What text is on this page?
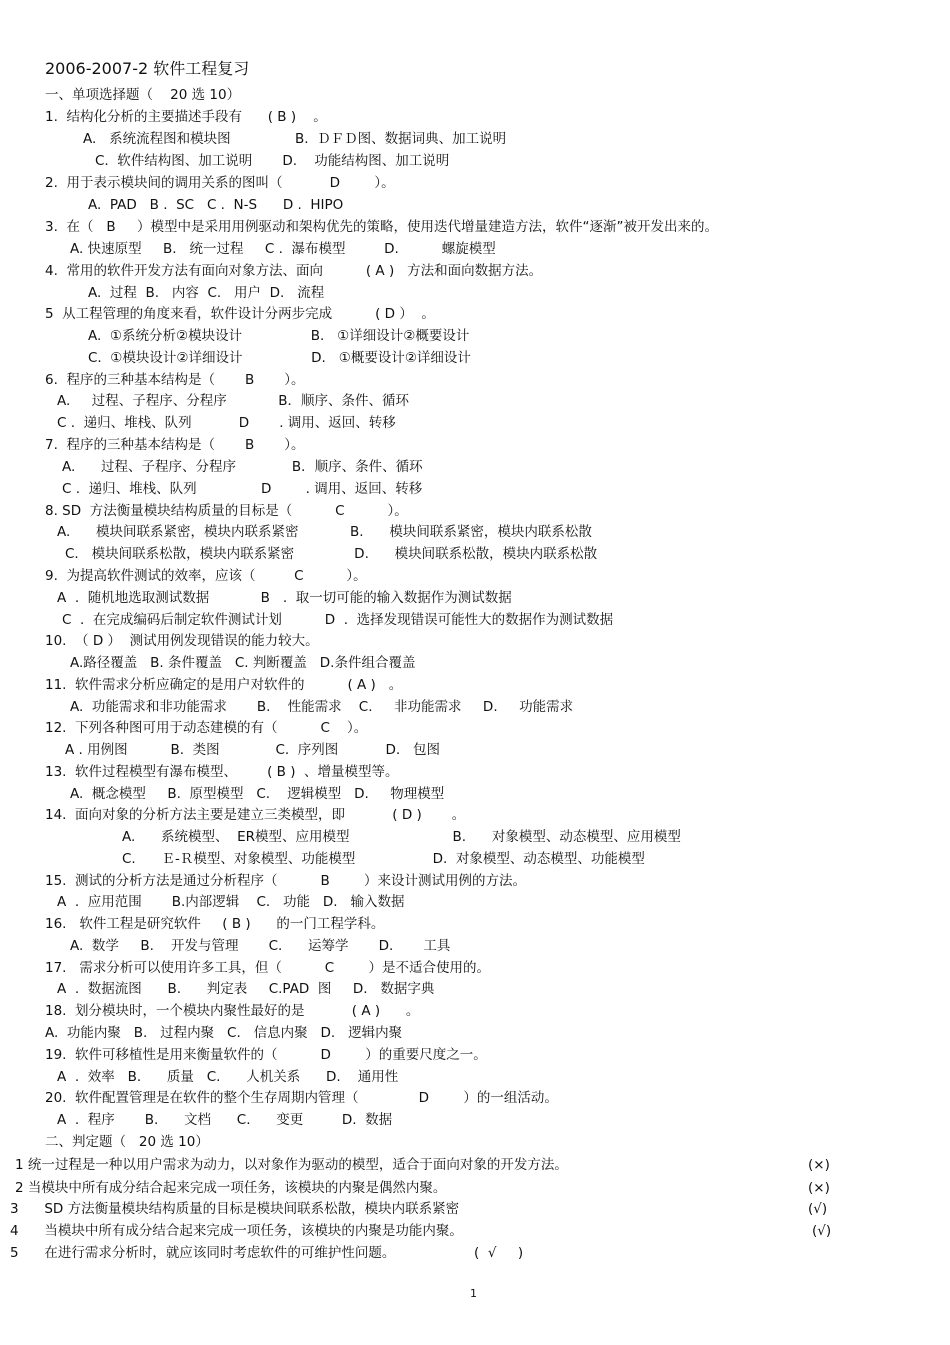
2006-2007-2 软件工程复习
一、单项选择题（    20 选 10）
1.  结构化分析的主要描述手段有      ( B )    。
A.   系统流程图和模块图               B.  ＤＦＤ图、数据词典、加工说明
C.  软件结构图、加工说明       D.    功能结构图、加工说明
2.  用于表示模块间的调用关系的图叫（           D        ）。
A.  PAD   B .  SC   C .  N-S      D .  HIPO
3.  在（   B     ）模型中是采用用例驱动和架构优先的策略，使用迭代增量建造方法，软件“逐渐”被开发出来的。
A. 快速原型     B.   统一过程     C .  瀑布模型         D.          螺旋模型
4.  常用的软件开发方法有面向对象方法、面向          ( A )   方法和面向数据方法。
A.  过程  B.   内容  C.   用户  D.   流程
5  从工程管理的角度来看，软件设计分两步完成          ( D ）  。
A.  ①系统分析②模块设计                B.   ①详细设计②概要设计
C.  ①模块设计②详细设计                D.   ①概要设计②详细设计
6.  程序的三种基本结构是（       B       ）。
A.     过程、子程序、分程序            B．顺序、条件、循环
C .  递归、堆栈、队列           D       . 调用、返回、转移
7.  程序的三种基本结构是（       B       ）。
A.      过程、子程序、分程序             B．顺序、条件、循环
C .  递归、堆栈、队列               D        . 调用、返回、转移
8. SD  方法衡量模块结构质量的目标是（          C          ）。
A.      模块间联系紧密，模块内联系紧密            B.      模块间联系紧密，模块内联系松散
C.   模块间联系松散，模块内联系紧密              D.      模块间联系松散，模块内联系松散
9.  为提高软件测试的效率，应该（         C          ）。
A  .  随机地选取测试数据            B   .  取一切可能的输入数据作为测试数据
C  .  在完成编码后制定软件测试计划          D  .  选择发现错误可能性大的数据作为测试数据
10.  （ D ）  测试用例发现错误的能力较大。
A.路径覆盖   B. 条件覆盖   C. 判断覆盖   D.条件组合覆盖
11.  软件需求分析应确定的是用户对软件的          ( A )   。
A.  功能需求和非功能需求       B.    性能需求    C.     非功能需求     D.     功能需求
12.  下列各种图可用于动态建模的有（          C    ）。
A . 用例图          B.  类图             C.  序列图           D.   包图
13.  软件过程模型有瀑布模型、       ( B )  、增量模型等。
A.  概念模型     B.  原型模型   C.    逻辑模型   D.     物理模型
14.  面向对象的分析方法主要是建立三类模型，即           ( D )       。
A.      系统模型、  ER模型、应用模型                        B.      对象模型、动态模型、应用模型
C.      Ｅ-Ｒ模型、对象模型、功能模型                  D.  对象模型、动态模型、功能模型
15.  测试的分析方法是通过分析程序（          B        ）来设计测试用例的方法。
A  .  应用范围       B.内部逻辑    C.   功能   D.   输入数据
16.   软件工程是研究软件     ( B )      的一门工程学科。
A.  数学     B.    开发与管理       C.      运筹学       D.       工具
17.   需求分析可以使用许多工具，但（          C        ）是不适合使用的。
A  .  数据流图      B.      判定表     C.PAD  图     D.   数据字典
18.  划分模块时，一个模块内聚性最好的是           ( A )      。
A.  功能内聚   B.   过程内聚   C.   信息内聚   D.   逻辑内聚
19.  软件可移植性是用来衡量软件的（          D        ）的重要尺度之一。
A  .  效率   B.      质量   C.      人机关系      D.    通用性
20.  软件配置管理是在软件的整个生存周期内管理（              D        ）的一组活动。
A  .  程序       B.      文档      C.      变更         D.  数据
二、判定题（   20 选 10）
1 统一过程是一种以用户需求为动力，以对象作为驱动的模型，适合于面向对象的开发方法。	(×)
2 当模块中所有成分结合起来完成一项任务，该模块的内聚是偶然内聚。	(×)
3      SD 方法衡量模块结构质量的目标是模块间联系松散，模块内联系紧密	(√)
4      当模块中所有成分结合起来完成一项任务，该模块的内聚是功能内聚。	(√)
5      在进行需求分析时，就应该同时考虑软件的可维护性问题。	(  √     )
1
